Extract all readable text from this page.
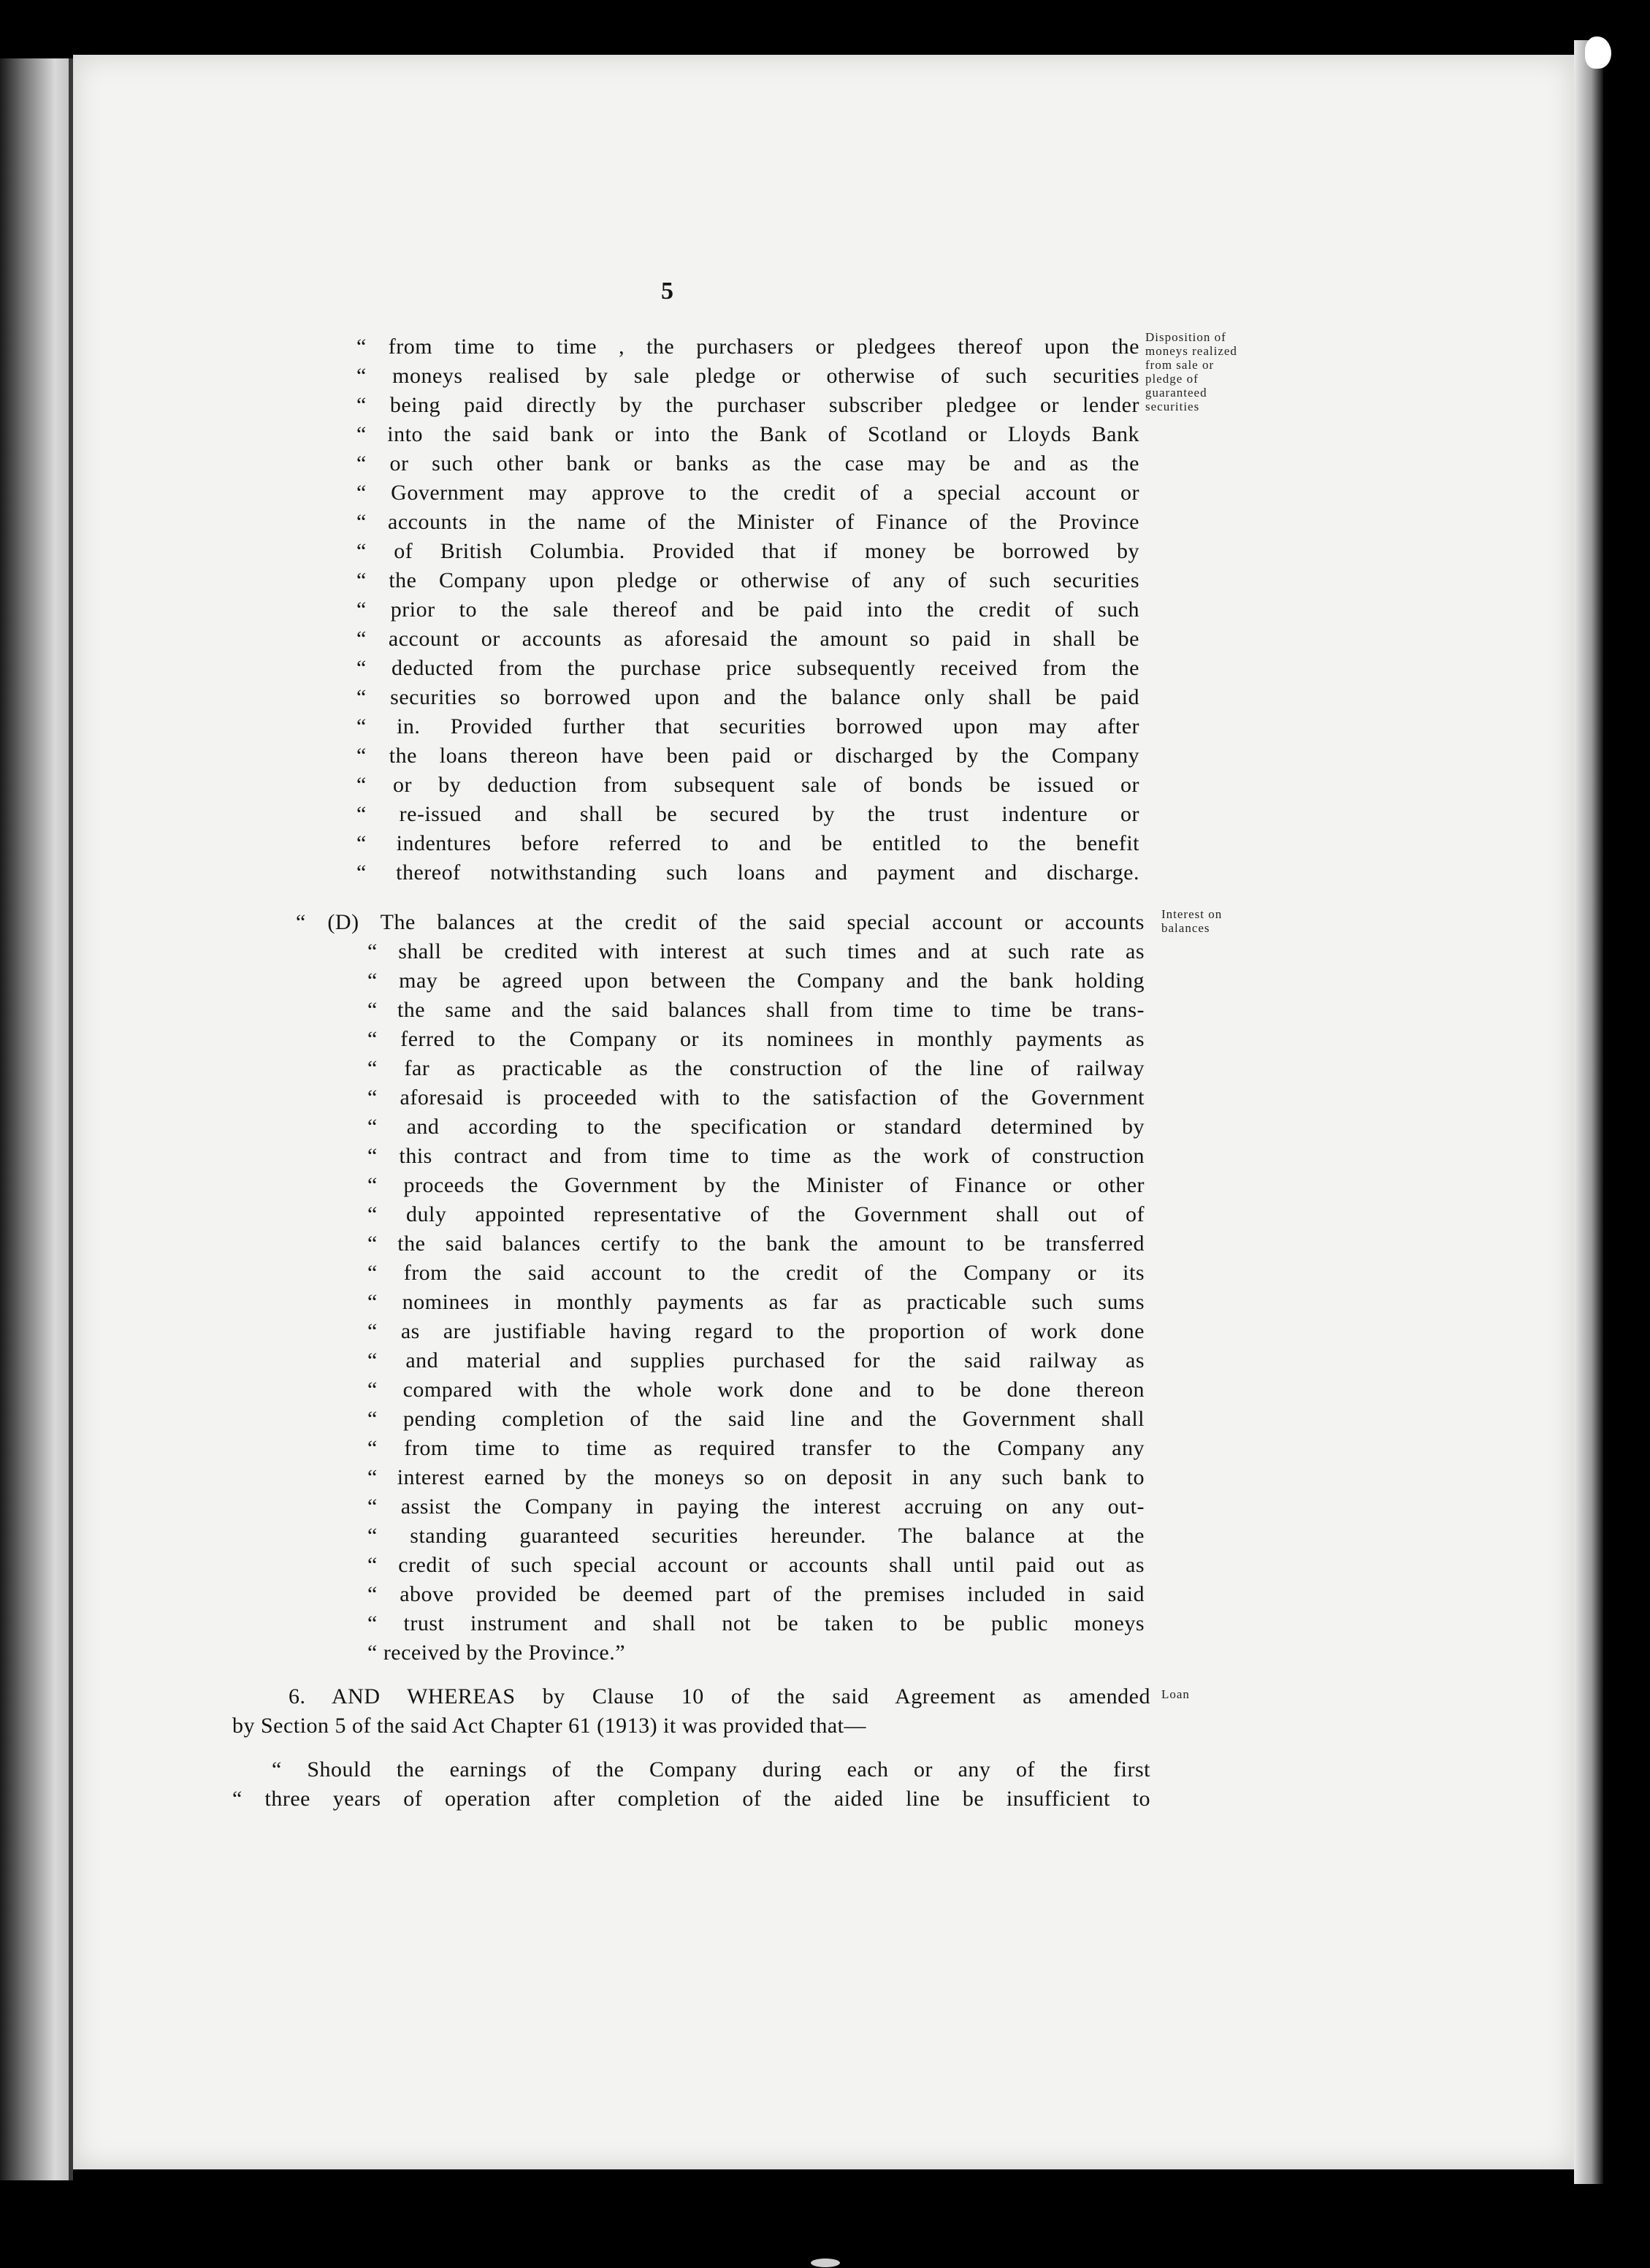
5
“ from time to time , the purchasers or pledgees thereof upon the
“ moneys realised by sale pledge or otherwise of such securities
“ being paid directly by the purchaser subscriber pledgee or lender
“ into the said bank or into the Bank of Scotland or Lloyds Bank
“ or such other bank or banks as the case may be and as the
“ Government may approve to the credit of a special account or
“ accounts in the name of the Minister of Finance of the Province
“ of British Columbia. Provided that if money be borrowed by
“ the Company upon pledge or otherwise of any of such securities
“ prior to the sale thereof and be paid into the credit of such
“ account or accounts as aforesaid the amount so paid in shall be
“ deducted from the purchase price subsequently received from the
“ securities so borrowed upon and the balance only shall be paid
“ in. Provided further that securities borrowed upon may after
“ the loans thereon have been paid or discharged by the Company
“ or by deduction from subsequent sale of bonds be issued or
“ re-issued and shall be secured by the trust indenture or
“ indentures before referred to and be entitled to the benefit
“ thereof notwithstanding such loans and payment and discharge.
Disposition of
moneys realized
from sale or
pledge of
guaranteed
securities
Interest on
balances
Loan
“ (D) The balances at the credit of the said special account or accounts
“ shall be credited with interest at such times and at such rate as
“ may be agreed upon between the Company and the bank holding
“ the same and the said balances shall from time to time be trans-
“ ferred to the Company or its nominees in monthly payments as
“ far as practicable as the construction of the line of railway
“ aforesaid is proceeded with to the satisfaction of the Government
“ and according to the specification or standard determined by
“ this contract and from time to time as the work of construction
“ proceeds the Government by the Minister of Finance or other
“ duly appointed representative of the Government shall out of
“ the said balances certify to the bank the amount to be transferred
“ from the said account to the credit of the Company or its
“ nominees in monthly payments as far as practicable such sums
“ as are justifiable having regard to the proportion of work done
“ and material and supplies purchased for the said railway as
“ compared with the whole work done and to be done thereon
“ pending completion of the said line and the Government shall
“ from time to time as required transfer to the Company any
“ interest earned by the moneys so on deposit in any such bank to
“ assist the Company in paying the interest accruing on any out-
“ standing guaranteed securities hereunder. The balance at the
“ credit of such special account or accounts shall until paid out as
“ above provided be deemed part of the premises included in said
“ trust instrument and shall not be taken to be public moneys
“ received by the Province.”
6. AND WHEREAS by Clause 10 of the said Agreement as amended
by Section 5 of the said Act Chapter 61 (1913) it was provided that—
“ Should the earnings of the Company during each or any of the first
“ three years of operation after completion of the aided line be insufficient to
